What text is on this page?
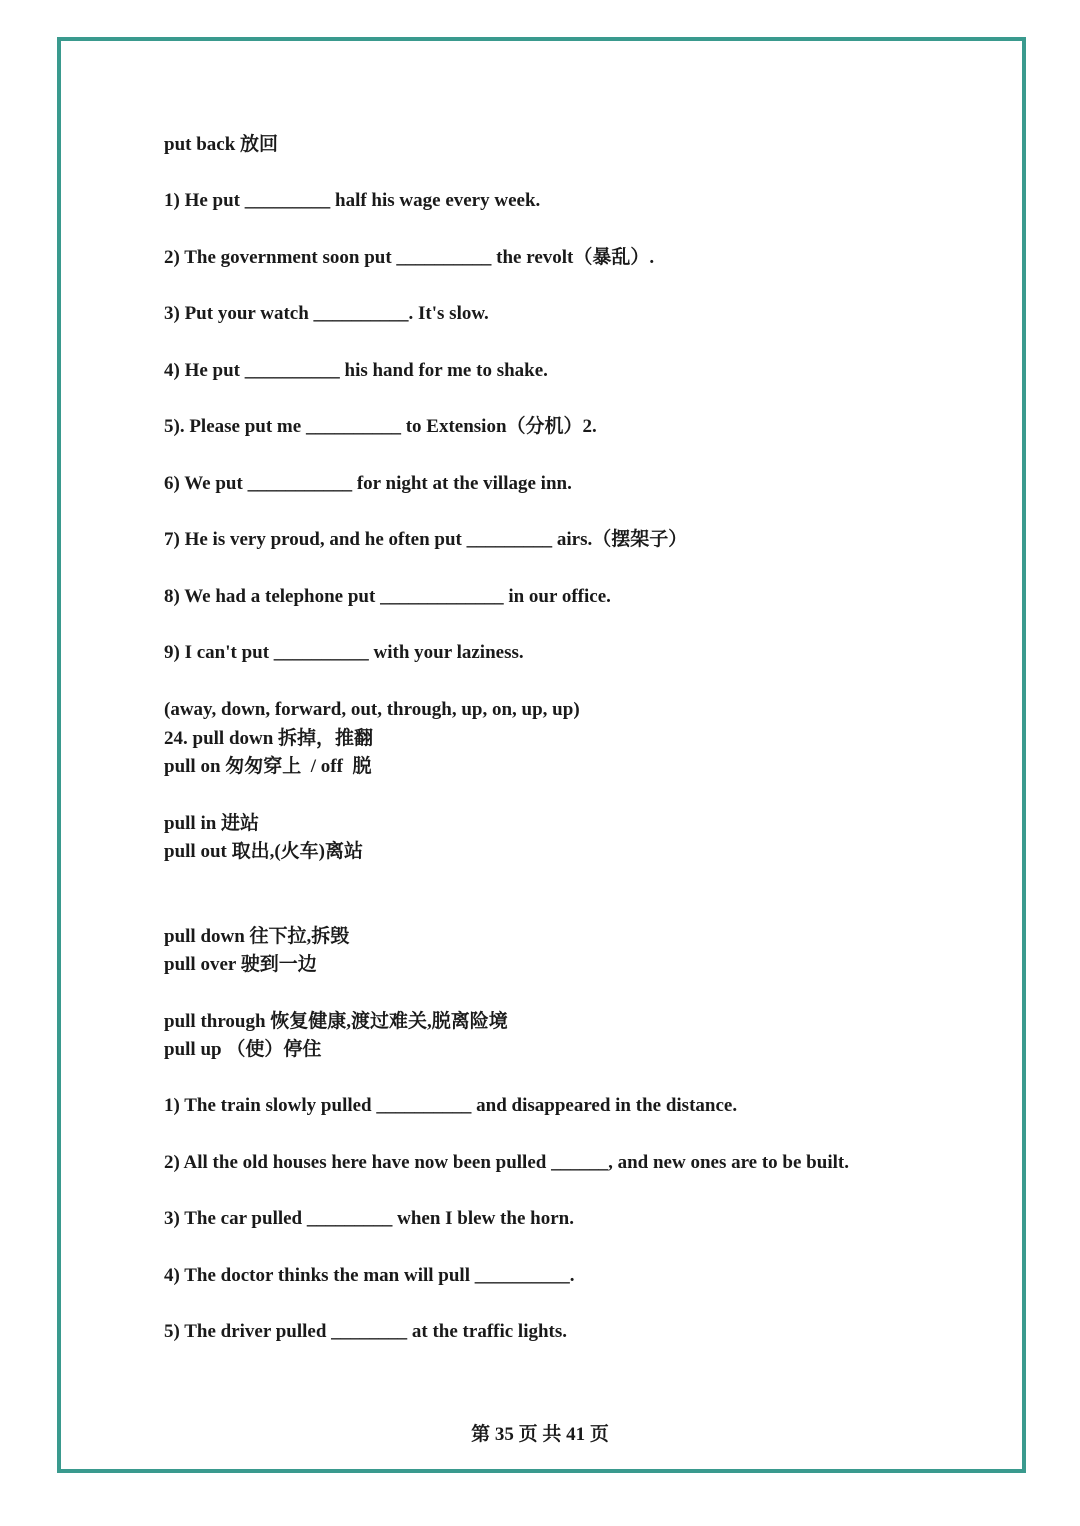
put back 放回
1) He put _________ half his wage every week.
2) The government soon put __________ the revolt（暴乱）.
3) Put your watch __________. It's slow.
4) He put __________ his hand for me to shake.
5). Please put me __________ to Extension（分机）2.
6) We put ___________ for night at the village inn.
7) He is very proud, and he often put _________ airs.（摆架子）
8) We had a telephone put _____________ in our office.
9) I can't put __________ with your laziness.
(away, down, forward, out, through, up, on, up, up)
24. pull down 拆掉，推翻
pull on 匆匆穿上  / off  脱
pull in 进站
pull out 取出,(火车)离站
pull down 往下拉,拆毁
pull over 驶到一边
pull through 恢复健康,渡过难关,脱离险境
pull up （使）停住
1) The train slowly pulled __________ and disappeared in the distance.
2) All the old houses here have now been pulled ______, and new ones are to be built.
3) The car pulled _________ when I blew the horn.
4) The doctor thinks the man will pull __________.
5) The driver pulled ________ at the traffic lights.
第 35 页 共 41 页
